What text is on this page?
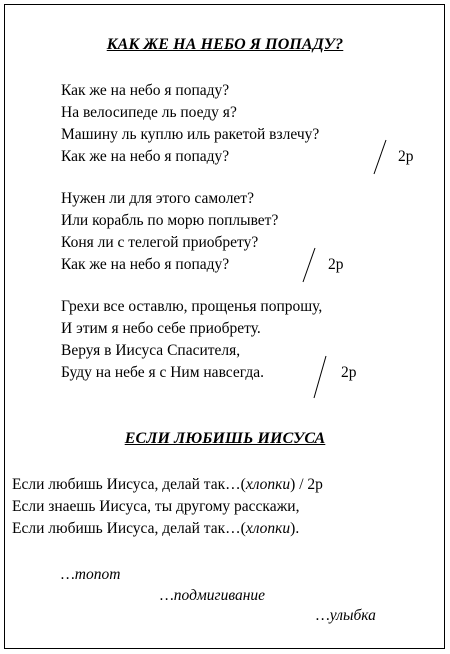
КАК ЖЕ НА НЕБО Я ПОПАДУ?
Как же на небо я попаду?
На велосипеде ль поеду я?
Машину ль куплю иль ракетой взлечу?
Как же на небо я попаду?	2р
Нужен ли для этого самолет?
Или корабль по морю поплывет?
Коня ли с телегой приобрету?
Как же на небо я попаду?	2р
Грехи все оставлю, прощенья попрошу,
И этим я небо себе приобрету.
Веруя в Иисуса Спасителя,
Буду на небе я с Ним навсегда.	2р
ЕСЛИ ЛЮБИШЬ ИИСУСА
Если любишь Иисуса, делай так…(хлопки) / 2р
Если знаешь Иисуса, ты другому расскажи,
Если любишь Иисуса, делай так…(хлопки).
…топот
…подмигивание
…улыбка
